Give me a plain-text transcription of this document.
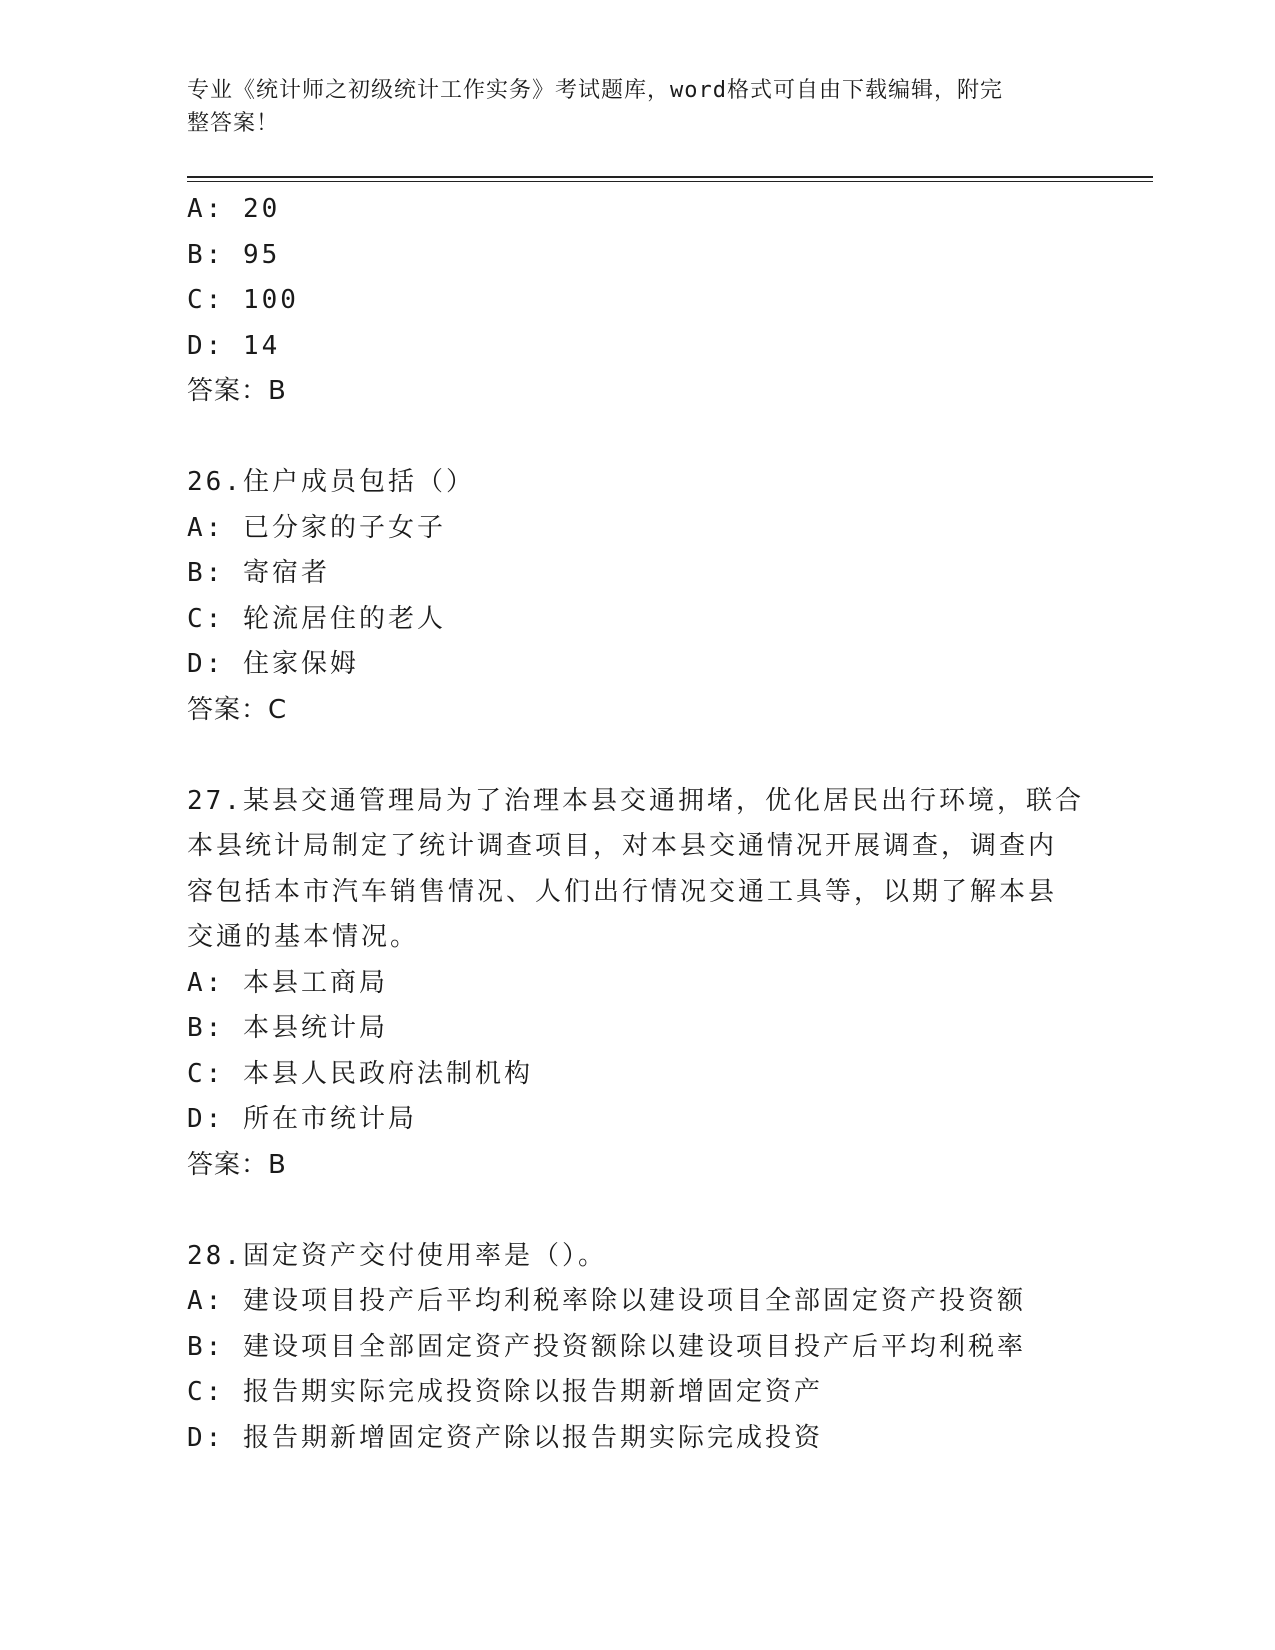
专业《统计师之初级统计工作实务》考试题库，word格式可自由下载编辑，附完
整答案！
A: 20
B: 95
C: 100
D: 14
答案：B
26.住户成员包括（）
A: 已分家的子女子
B: 寄宿者
C: 轮流居住的老人
D: 住家保姆
答案：C
27.某县交通管理局为了治理本县交通拥堵，优化居民出行环境，联合
本县统计局制定了统计调查项目，对本县交通情况开展调查，调查内
容包括本市汽车销售情况、人们出行情况交通工具等，以期了解本县
交通的基本情况。
A: 本县工商局
B: 本县统计局
C: 本县人民政府法制机构
D: 所在市统计局
答案：B
28.固定资产交付使用率是（）。
A: 建设项目投产后平均利税率除以建设项目全部固定资产投资额
B: 建设项目全部固定资产投资额除以建设项目投产后平均利税率
C: 报告期实际完成投资除以报告期新增固定资产
D: 报告期新增固定资产除以报告期实际完成投资
